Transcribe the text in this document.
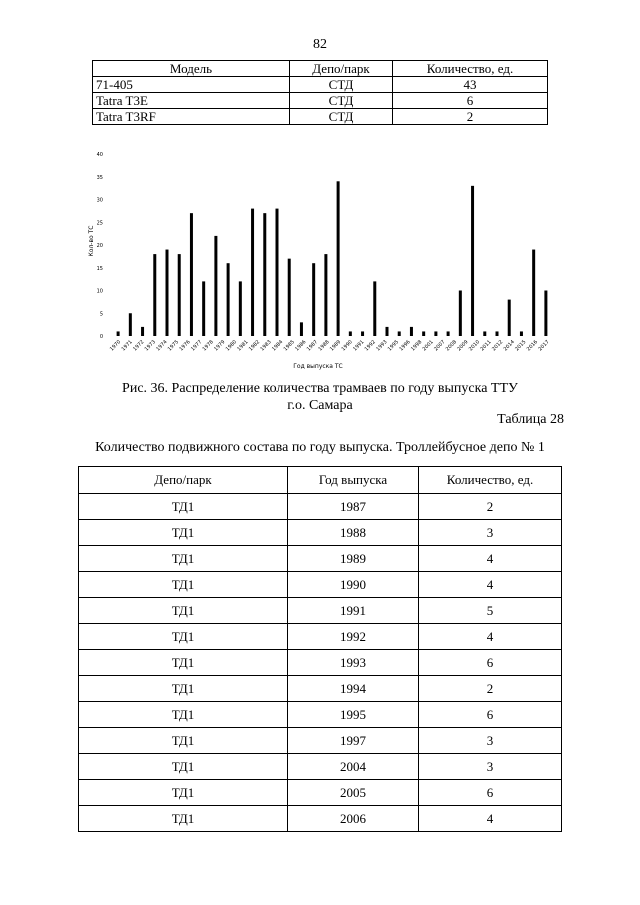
82
Модель	Депо/парк	Количество, ед.
71-405	СТД	43
Tatra T3E	СТД	6
Tatra T3RF	СТД	2
0
5
10
15
20
25
30
35
40
1970
1971
1972
1973
1974
1975
1976
1977
1978
1979
1980
1981
1982
1983
1984
1985
1986
1987
1988
1989
1990
1991
1992
1993
1995
1996
1998
2001
2007
2008
2009
2010
2011
2012
2014
2015
2016
2017
Кол-во ТС
Год выпуска ТС
Рис. 36. Распределение количества трамваев по году выпуска ТТУ
г.о. Самара
Таблица 28
Количество подвижного состава по году выпуска. Троллейбусное депо № 1
Депо/парк	Год выпуска	Количество, ед.
ТД1	1987	2
ТД1	1988	3
ТД1	1989	4
ТД1	1990	4
ТД1	1991	5
ТД1	1992	4
ТД1	1993	6
ТД1	1994	2
ТД1	1995	6
ТД1	1997	3
ТД1	2004	3
ТД1	2005	6
ТД1	2006	4
